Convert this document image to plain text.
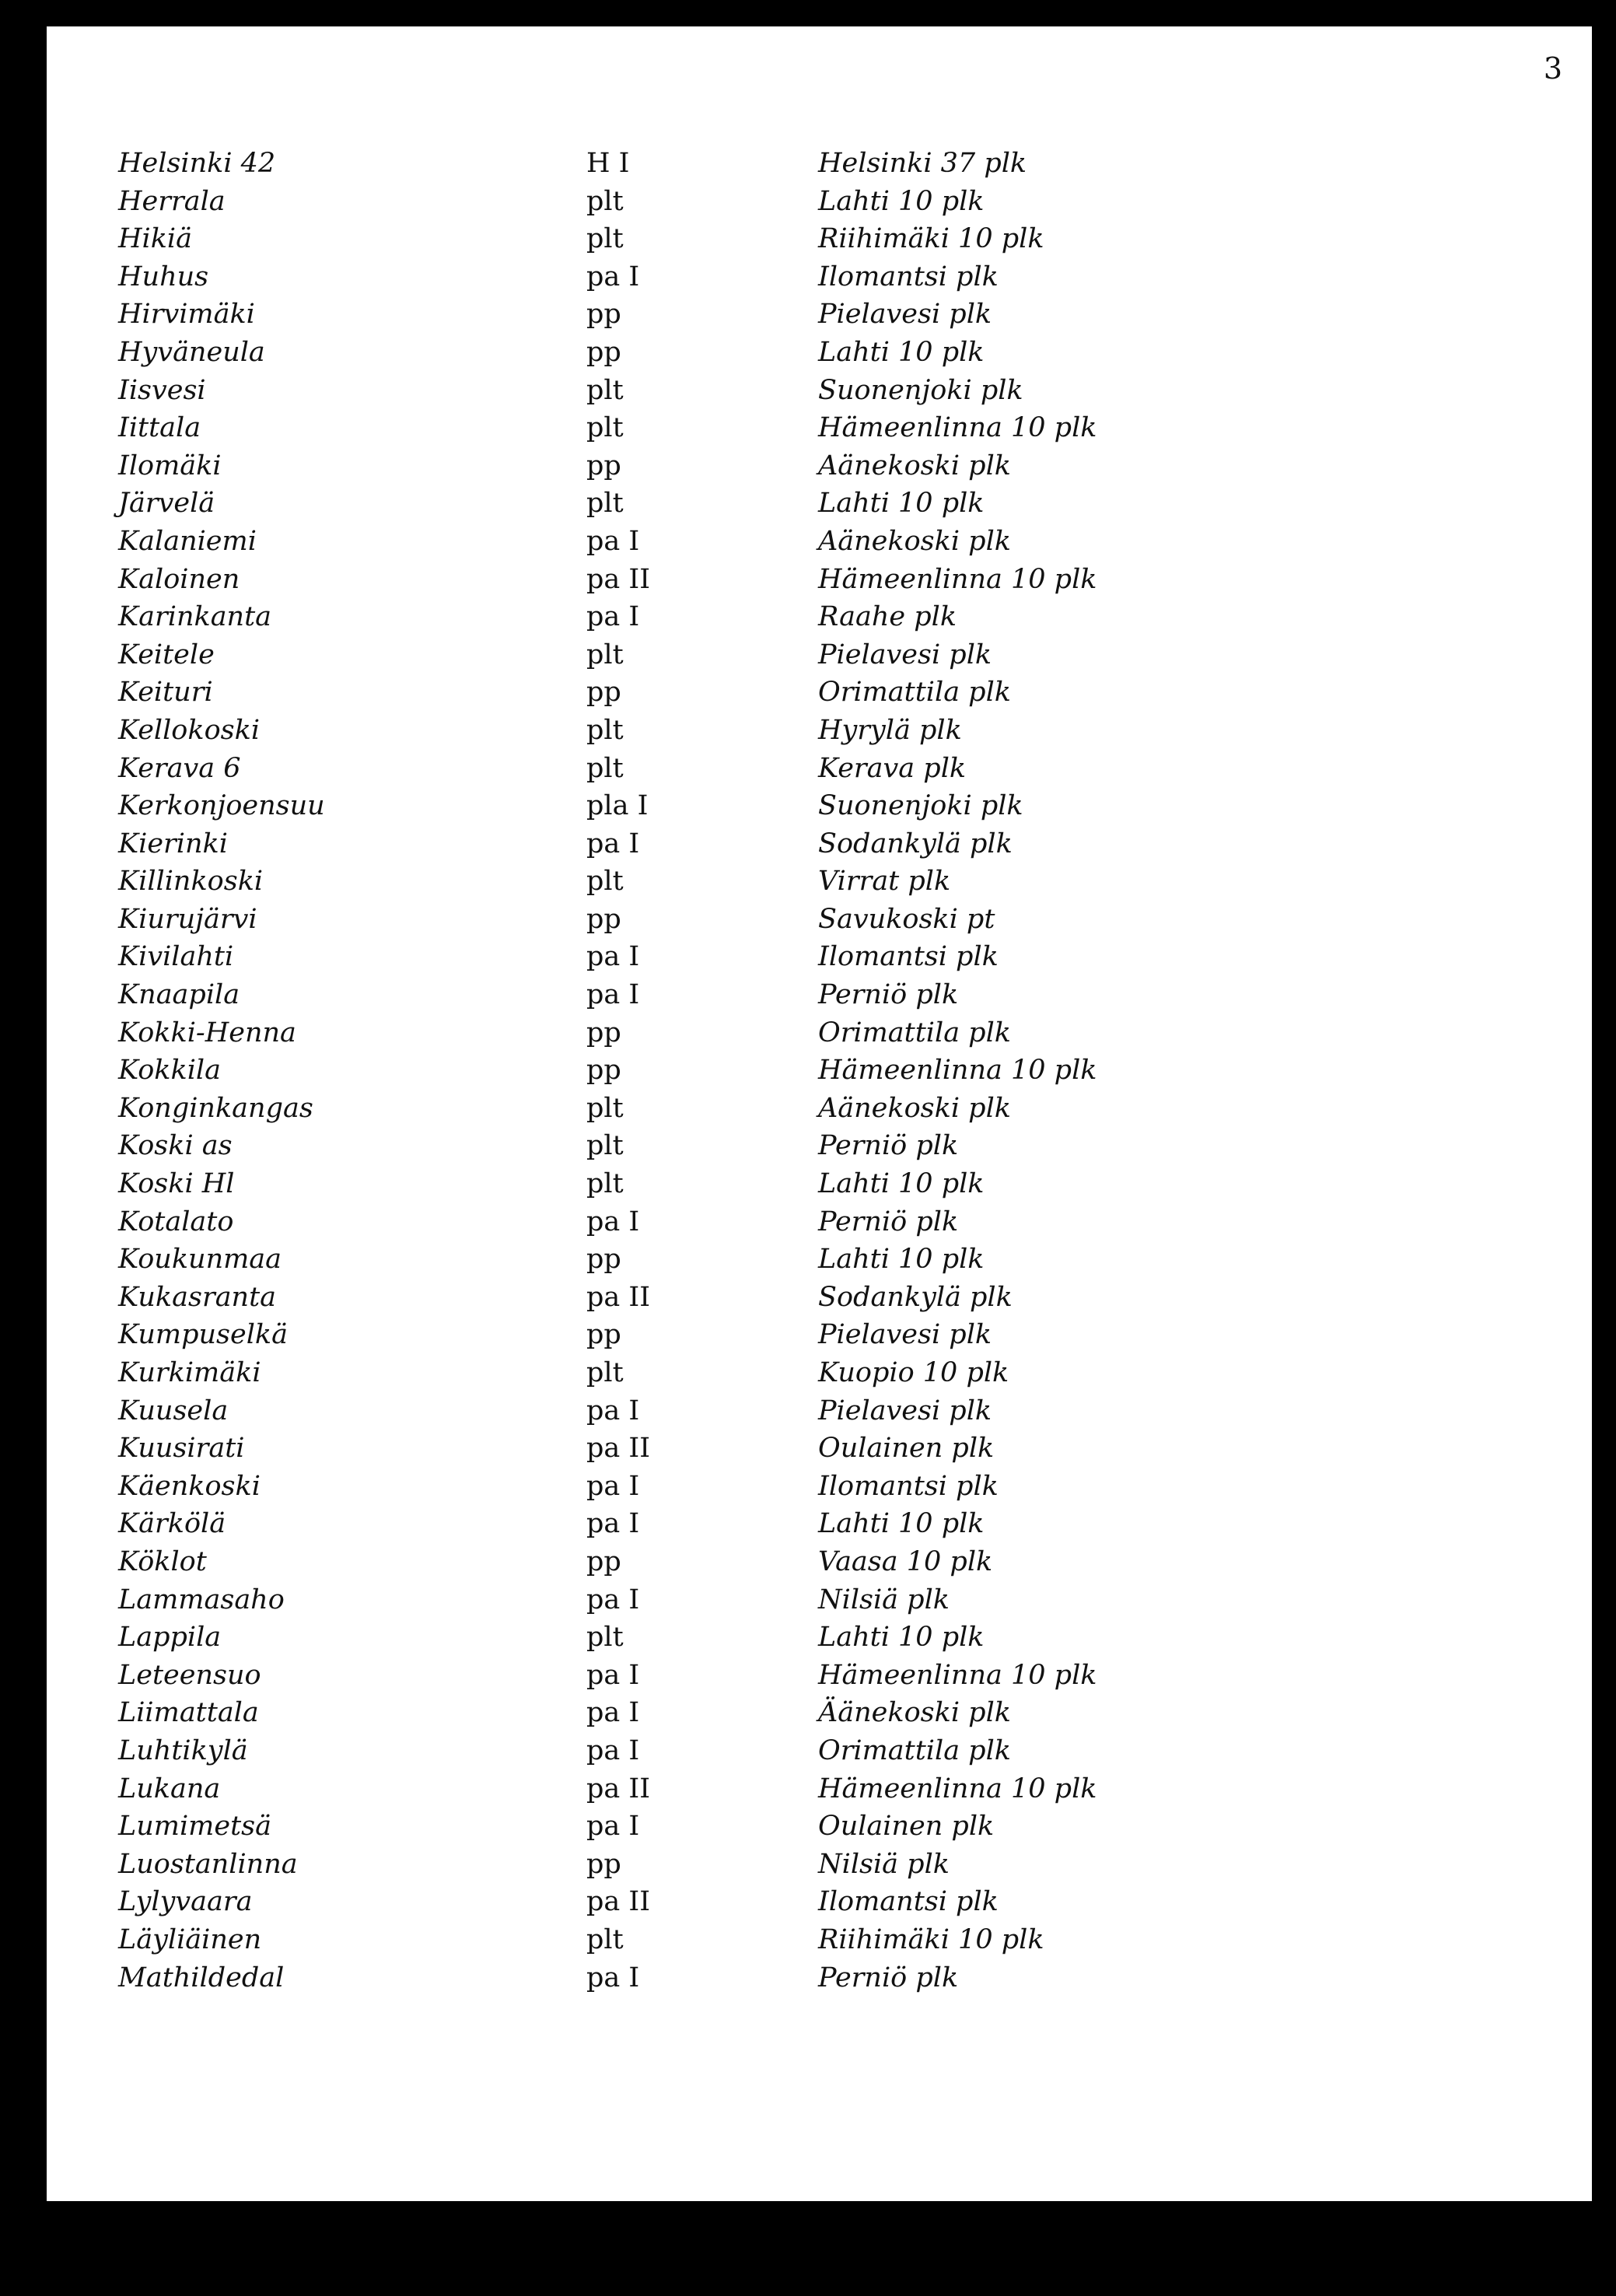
3

Helsinki 42	H I	Helsinki 37 plk
Herrala	plt	Lahti 10 plk
Hikiä	plt	Riihimäki 10 plk
Huhus	pa I	Ilomantsi plk
Hirvimäki	pp	Pielavesi plk
Hyväneula	pp	Lahti 10 plk
Iisvesi	plt	Suonenjoki plk
Iittala	plt	Hämeenlinna 10 plk
Ilomäki	pp	Aänekoski plk
Järvelä	plt	Lahti 10 plk
Kalaniemi	pa I	Aänekoski plk
Kaloinen	pa II	Hämeenlinna 10 plk
Karinkanta	pa I	Raahe plk
Keitele	plt	Pielavesi plk
Keituri	pp	Orimattila plk
Kellokoski	plt	Hyrylä plk
Kerava 6	plt	Kerava plk
Kerkonjoensuu	pla I	Suonenjoki plk
Kierinki	pa I	Sodankylä plk
Killinkoski	plt	Virrat plk
Kiurujärvi	pp	Savukoski pt
Kivilahti	pa I	Ilomantsi plk
Knaapila	pa I	Perniö plk
Kokki-Henna	pp	Orimattila plk
Kokkila	pp	Hämeenlinna 10 plk
Konginkangas	plt	Aänekoski plk
Koski as	plt	Perniö plk
Koski Hl	plt	Lahti 10 plk
Kotalato	pa I	Perniö plk
Koukunmaa	pp	Lahti 10 plk
Kukasranta	pa II	Sodankylä plk
Kumpuselkä	pp	Pielavesi plk
Kurkimäki	plt	Kuopio 10 plk
Kuusela	pa I	Pielavesi plk
Kuusirati	pa II	Oulainen plk
Käenkoski	pa I	Ilomantsi plk
Kärkölä	pa I	Lahti 10 plk
Köklot	pp	Vaasa 10 plk
Lammasaho	pa I	Nilsiä plk
Lappila	plt	Lahti 10 plk
Leteensuo	pa I	Hämeenlinna 10 plk
Liimattala	pa I	Äänekoski plk
Luhtikylä	pa I	Orimattila plk
Lukana	pa II	Hämeenlinna 10 plk
Lumimetsä	pa I	Oulainen plk
Luostanlinna	pp	Nilsiä plk
Lylyvaara	pa II	Ilomantsi plk
Läyliäinen	plt	Riihimäki 10 plk
Mathildedal	pa I	Perniö plk
